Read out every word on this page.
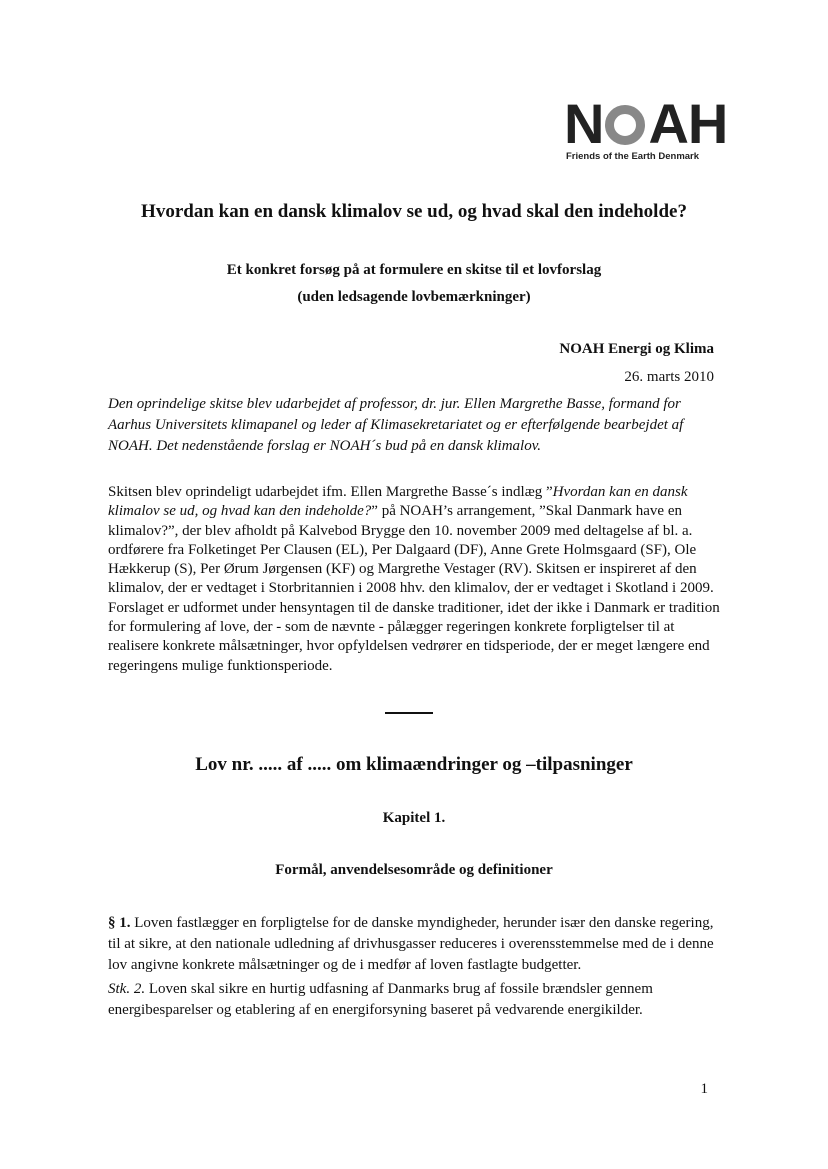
N AH
Friends of the Earth Denmark
Hvordan kan en dansk klimalov se ud, og hvad skal den indeholde?
Et konkret forsøg på at formulere en skitse til et lovforslag
(uden ledsagende lovbemærkninger)
NOAH Energi og Klima
26. marts 2010
Den oprindelige skitse blev udarbejdet af professor, dr. jur. Ellen Margrethe Basse, formand for Aarhus Universitets klimapanel og leder af Klimasekretariatet og er efterfølgende bearbejdet af NOAH. Det nedenstående forslag er NOAH´s bud på en dansk klimalov.
Skitsen blev oprindeligt udarbejdet ifm. Ellen Margrethe Basse´s indlæg ”Hvordan kan en dansk klimalov se ud, og hvad kan den indeholde?” på NOAH’s arrangement, ”Skal Danmark have en klimalov?”, der blev afholdt på Kalvebod Brygge den 10. november 2009 med deltagelse af bl. a. ordførere fra Folketinget Per Clausen (EL), Per Dalgaard (DF), Anne Grete Holmsgaard (SF), Ole Hækkerup (S), Per Ørum Jørgensen (KF) og Margrethe Vestager (RV). Skitsen er inspireret af den klimalov, der er vedtaget i Storbritannien i 2008 hhv. den klimalov, der er vedtaget i Skotland i 2009. Forslaget er udformet under hensyntagen til de danske traditioner, idet der ikke i Danmark er tradition for formulering af love, der - som de nævnte - pålægger regeringen konkrete forpligtelser til at realisere konkrete målsætninger, hvor opfyldelsen vedrører en tidsperiode, der er meget længere end regeringens mulige funktionsperiode.
Lov nr. ..... af ..... om klimaændringer og –tilpasninger
Kapitel 1.
Formål, anvendelsesområde og definitioner
§ 1. Loven fastlægger en forpligtelse for de danske myndigheder, herunder især den danske regering, til at sikre, at den nationale udledning af drivhusgasser reduceres i overensstemmelse med de i denne lov angivne konkrete målsætninger og de i medfør af loven fastlagte budgetter.
Stk. 2. Loven skal sikre en hurtig udfasning af Danmarks brug af fossile brændsler gennem energibesparelser og etablering af en energiforsyning baseret på vedvarende energikilder.
1
